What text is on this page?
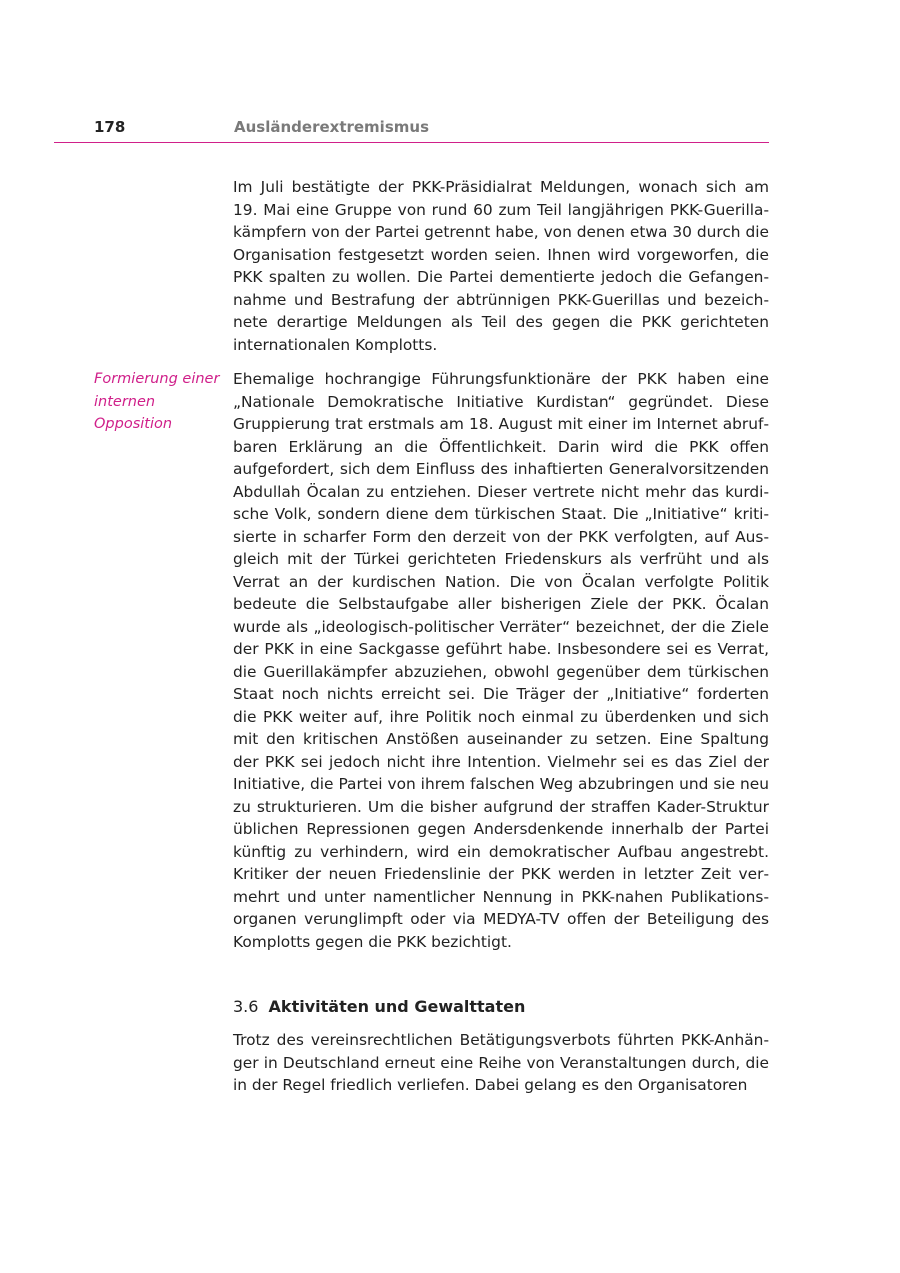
178	Ausländerextremismus

Im Juli bestätigte der PKK-Präsidialrat Meldungen, wonach sich am 19. Mai eine Gruppe von rund 60 zum Teil langjährigen PKK-Guerillakämpfern von der Partei getrennt habe, von denen etwa 30 durch die Organisation festgesetzt worden seien. Ihnen wird vorgeworfen, die PKK spalten zu wollen. Die Partei dementierte jedoch die Gefangennahme und Bestrafung der abtrünnigen PKK-Guerillas und bezeichnete derartige Meldungen als Teil des gegen die PKK gerichteten internationalen Komplotts.

Formierung einer internen Opposition

Ehemalige hochrangige Führungsfunktionäre der PKK haben eine „Nationale Demokratische Initiative Kurdistan“ gegründet. Diese Gruppierung trat erstmals am 18. August mit einer im Internet abrufbaren Erklärung an die Öffentlichkeit. Darin wird die PKK offen aufgefordert, sich dem Einfluss des inhaftierten Generalvorsitzenden Abdullah Öcalan zu entziehen. Dieser vertrete nicht mehr das kurdische Volk, sondern diene dem türkischen Staat. Die „Initiative“ kritisierte in scharfer Form den derzeit von der PKK verfolgten, auf Ausgleich mit der Türkei gerichteten Friedenskurs als verfrüht und als Verrat an der kurdischen Nation. Die von Öcalan verfolgte Politik bedeute die Selbstaufgabe aller bisherigen Ziele der PKK. Öcalan wurde als „ideologisch-politischer Verräter“ bezeichnet, der die Ziele der PKK in eine Sackgasse geführt habe. Insbesondere sei es Verrat, die Guerillakämpfer abzuziehen, obwohl gegenüber dem türkischen Staat noch nichts erreicht sei. Die Träger der „Initiative“ forderten die PKK weiter auf, ihre Politik noch einmal zu überdenken und sich mit den kritischen Anstößen auseinander zu setzen. Eine Spaltung der PKK sei jedoch nicht ihre Intention. Vielmehr sei es das Ziel der Initiative, die Partei von ihrem falschen Weg abzubringen und sie neu zu strukturieren. Um die bisher aufgrund der straffen Kader-Struktur üblichen Repressionen gegen Andersdenkende innerhalb der Partei künftig zu verhindern, wird ein demokratischer Aufbau angestrebt. Kritiker der neuen Friedenslinie der PKK werden in letzter Zeit vermehrt und unter namentlicher Nennung in PKK-nahen Publikationsorganen verunglimpft oder via MEDYA-TV offen der Beteiligung des Komplotts gegen die PKK bezichtigt.

3.6 Aktivitäten und Gewalttaten

Trotz des vereinsrechtlichen Betätigungsverbots führten PKK-Anhänger in Deutschland erneut eine Reihe von Veranstaltungen durch, die in der Regel friedlich verliefen. Dabei gelang es den Organisatoren
